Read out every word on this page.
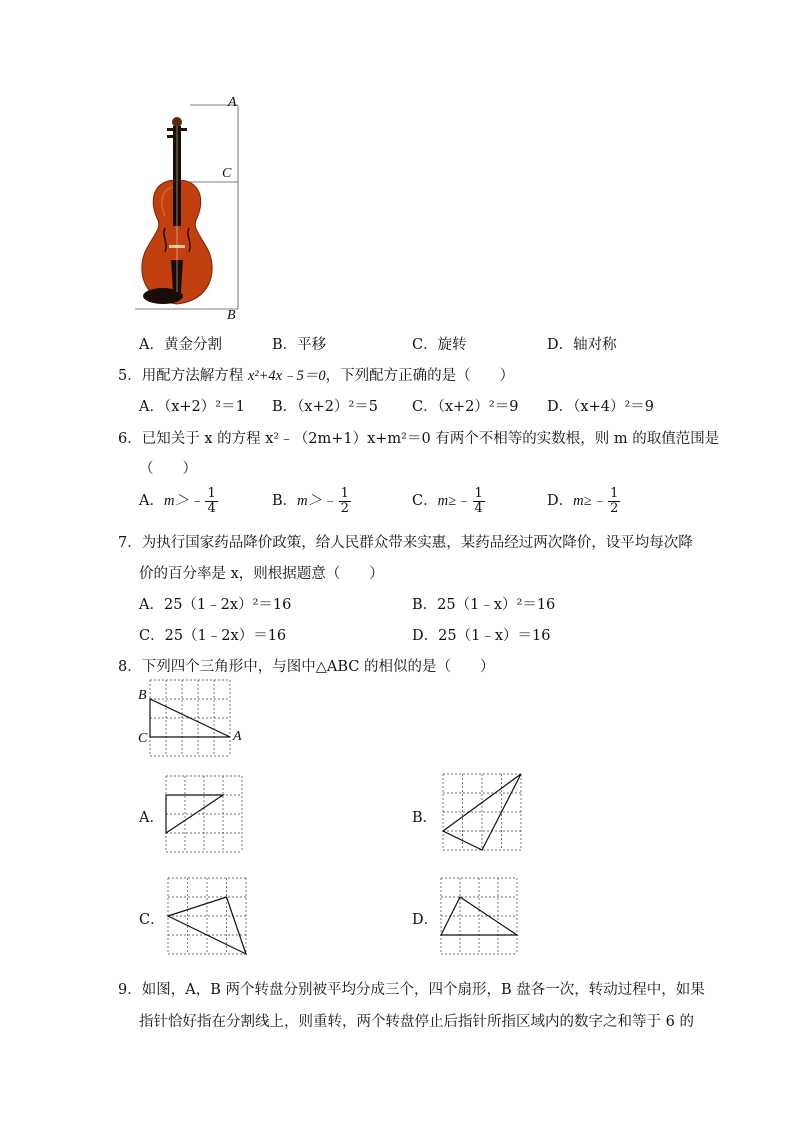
A
C
B
A．黄金分割	B．平移	C．旋转	D．轴对称
5．用配方法解方程 x²+4x﹣5＝0，下列配方正确的是（　　）
A．（x+2）²＝1 B．（x+2）²＝5 C．（x+2）²＝9 D．（x+4）²＝9
6．已知关于 x 的方程 x²﹣（2m+1）x+m²＝0 有两个不相等的实数根，则 m 的取值范围是
（　　）
A．m＞﹣ $\frac{1}{4}$	B．m＞﹣ $\frac{1}{2}$	C．m≥﹣ $\frac{1}{4}$	D．m≥﹣ $\frac{1}{2}$
7．为执行国家药品降价政策，给人民群众带来实惠，某药品经过两次降价，设平均每次降
价的百分率是 x，则根据题意（　　）
A．25（1﹣2x）²＝16	B．25（1﹣x）²＝16
C．25（1﹣2x）＝16	D．25（1﹣x）＝16
8．下列四个三角形中，与图中△ABC 的相似的是（　　）
B
C	A
A．	B．
C．	D．
9．如图，A，B 两个转盘分别被平均分成三个，四个扇形，B 盘各一次，转动过程中，如果
指针恰好指在分割线上，则重转，两个转盘停止后指针所指区域内的数字之和等于 6 的
